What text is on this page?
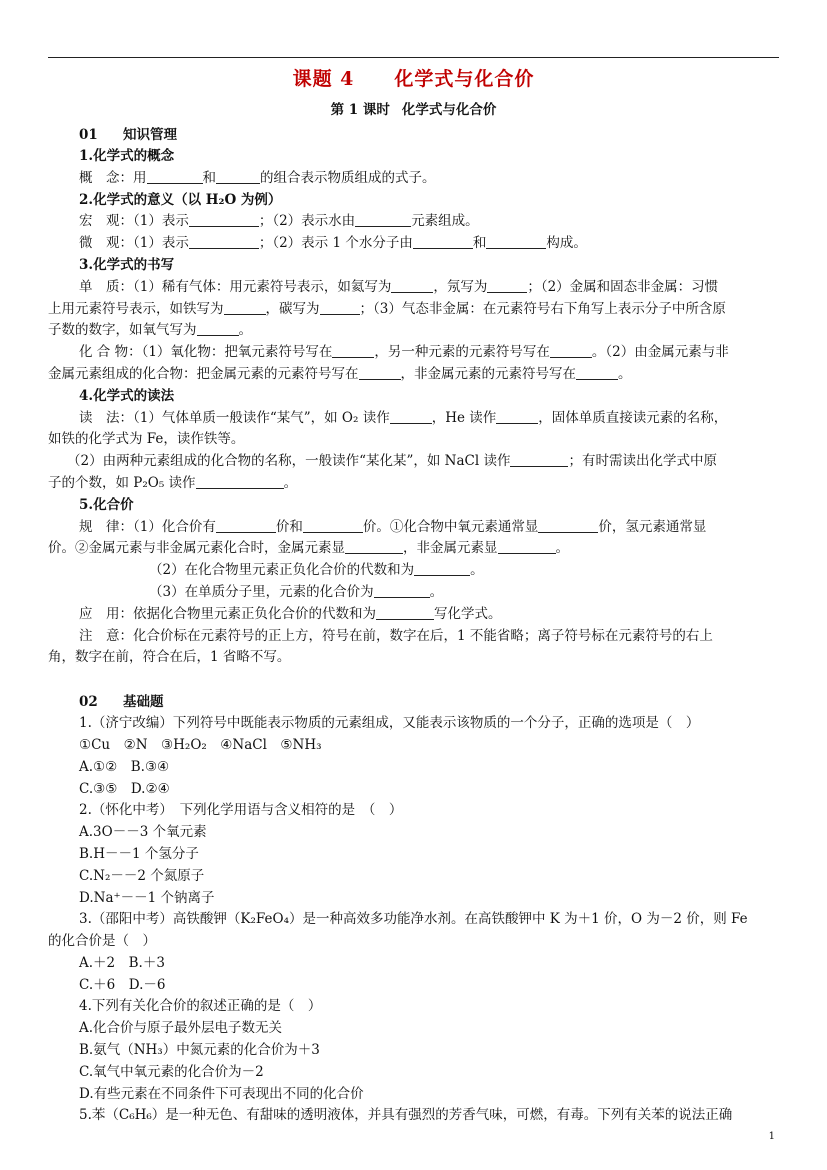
课题 4 化学式与化合价
第 1 课时 化学式与化合价
01 知识管理
1.化学式的概念
概　念：用	和	的组合表示物质组成的式子。
2.化学式的意义（以 H₂O 为例）
宏　观：（1）表示	；（2）表示水由	元素组成。
微　观：（1）表示	；（2）表示 1 个水分子由	和	构成。
3.化学式的书写
单　质：（1）稀有气体：用元素符号表示，如氦写为	，氖写为	；（2）金属和固态非金属：习惯
上用元素符号表示，如铁写为	，碳写为	；（3）气态非金属：在元素符号右下角写上表示分子中所含原
子数的数字，如氧气写为	。
化 合 物：（1）氧化物：把氧元素符号写在	，另一种元素的元素符号写在	。（2）由金属元素与非
金属元素组成的化合物：把金属元素的元素符号写在	，非金属元素的元素符号写在	。
4.化学式的读法
读　法：（1）气体单质一般读作“某气”，如 O₂ 读作	，He 读作	，固体单质直接读元素的名称，
如铁的化学式为 Fe，读作铁等。
（2）由两种元素组成的化合物的名称，一般读作“某化某”，如 NaCl 读作	；有时需读出化学式中原
子的个数，如 P₂O₅ 读作	。
5.化合价
规　律：（1）化合价有	价和	价。①化合物中氧元素通常显	价，氢元素通常显
价。②金属元素与非金属元素化合时，金属元素显	，非金属元素显	。
（2）在化合物里元素正负化合价的代数和为	。
（3）在单质分子里，元素的化合价为	。
应　用：依据化合物里元素正负化合价的代数和为	写化学式。
注　意：化合价标在元素符号的正上方，符号在前，数字在后，1 不能省略；离子符号标在元素符号的右上
角，数字在前，符合在后，1 省略不写。
02 基础题
1.（济宁改编）下列符号中既能表示物质的元素组成，又能表示该物质的一个分子，正确的选项是（　）
①Cu　②N　③H₂O₂　④NaCl　⑤NH₃
A.①②　B.③④
C.③⑤　D.②④
2.（怀化中考）　下列化学用语与含义相符的是　（　）
A.3O－－3 个氧元素
B.H－－1 个氢分子
C.N₂－－2 个氮原子
D.Na⁺－－1 个钠离子
3.（邵阳中考）高铁酸钾（K₂FeO₄）是一种高效多功能净水剂。在高铁酸钾中 K 为＋1 价，O 为－2 价，则 Fe
的化合价是（　）
A.＋2　B.＋3
C.＋6　D.－6
4.下列有关化合价的叙述正确的是（　）
A.化合价与原子最外层电子数无关
B.氨气（NH₃）中氮元素的化合价为＋3
C.氧气中氧元素的化合价为－2
D.有些元素在不同条件下可表现出不同的化合价
5.苯（C₆H₆）是一种无色、有甜味的透明液体，并具有强烈的芳香气味，可燃，有毒。下列有关苯的说法正确
1
